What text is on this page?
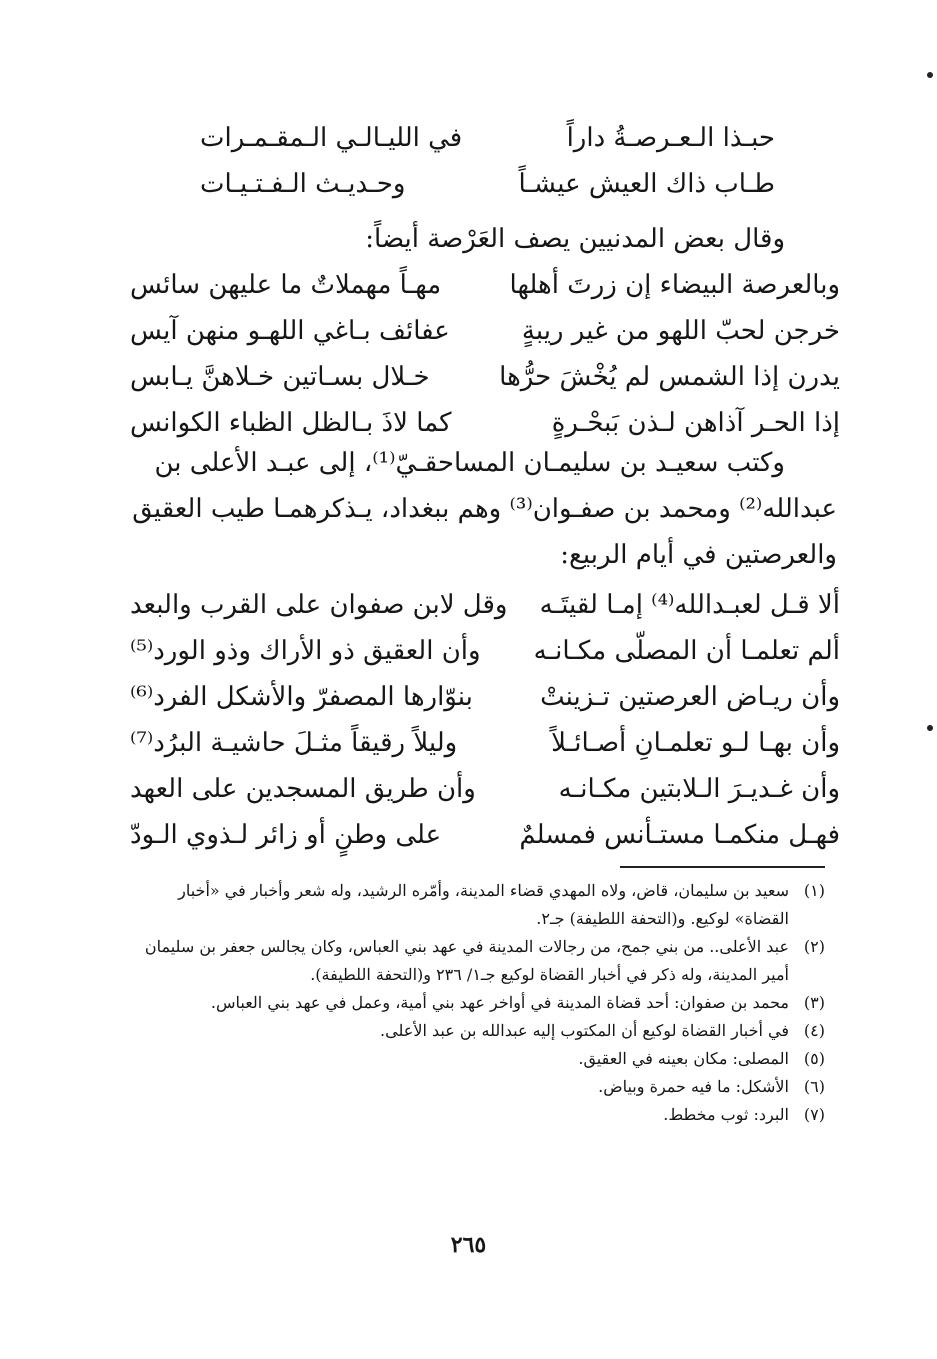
حبـذا الـعـرصـةُ داراً
في الليـالـي الـمقـمـرات
طـاب ذاك العيش عيشـاً
وحـديـث الـفـتـيـات
وقال بعض المدنيين يصف العَرْصة أيضاً:
وبالعرصة البيضاء إن زرتَ أهلها
مهـاً مهملاتٌ ما عليهن سائس
خرجن لحبّ اللهو من غير ريبةٍ
عفائف بـاغي اللهـو منهن آيس
يدرن إذا الشمس لم يُخْشَ حرُّها
خـلال بسـاتين خـلاهنَّ يـابس
إذا الحـر آذاهن لـذن بَبحْـرةٍ
كما لاذَ بـالظل الظباء الكوانس
وكتب سعيـد بن سليمـان المساحقـيّ⁽¹⁾، إلى عبـد الأعلى بن
عبدالله⁽²⁾ ومحمد بن صفـوان⁽³⁾ وهم ببغداد، يـذكرهمـا طيب العقيق
والعرصتين في أيام الربيع:
ألا قـل لعبـدالله⁽⁴⁾ إمـا لقيتَـه
وقل لابن صفوان على القرب والبعد
ألم تعلمـا أن المصلّى مكـانـه
وأن العقيق ذو الأراك وذو الورد⁽⁵⁾
وأن ريـاض العرصتين تـزينتْ
بنوّارها المصفرّ والأشكل الفرد⁽⁶⁾
وأن بهـا لـو تعلمـانِ أصـائـلاً
وليلاً رقيقاً مثـلَ حاشيـة البرُد⁽⁷⁾
وأن غـديـرَ الـلابتين مكـانـه
وأن طريق المسجدين على العهد
فهـل منكمـا مستـأنس فمسلمٌ
على وطنٍ أو زائر لـذوي الـودّ
(١)
سعيد بن سليمان، قاض، ولاه المهدي قضاء المدينة، وأمّره الرشيد، وله شعر وأخبار في «أخبار القضاة» لوكيع. و(التحفة اللطيفة) جـ٢.
(٢)
عبد الأعلى.. من بني جمح، من رجالات المدينة في عهد بني العباس، وكان يجالس جعفر بن سليمان أمير المدينة، وله ذكر في أخبار القضاة لوكيع جـ١/ ٢٣٦ و(التحفة اللطيفة).
(٣)
محمد بن صفوان: أحد قضاة المدينة في أواخر عهد بني أمية، وعمل في عهد بني العباس.
(٤)
في أخبار القضاة لوكيع أن المكتوب إليه عبدالله بن عبد الأعلى.
(٥)
المصلى: مكان بعينه في العقيق.
(٦)
الأشكل: ما فيه حمرة وبياض.
(٧)
البرد: ثوب مخطط.
٢٦٥
